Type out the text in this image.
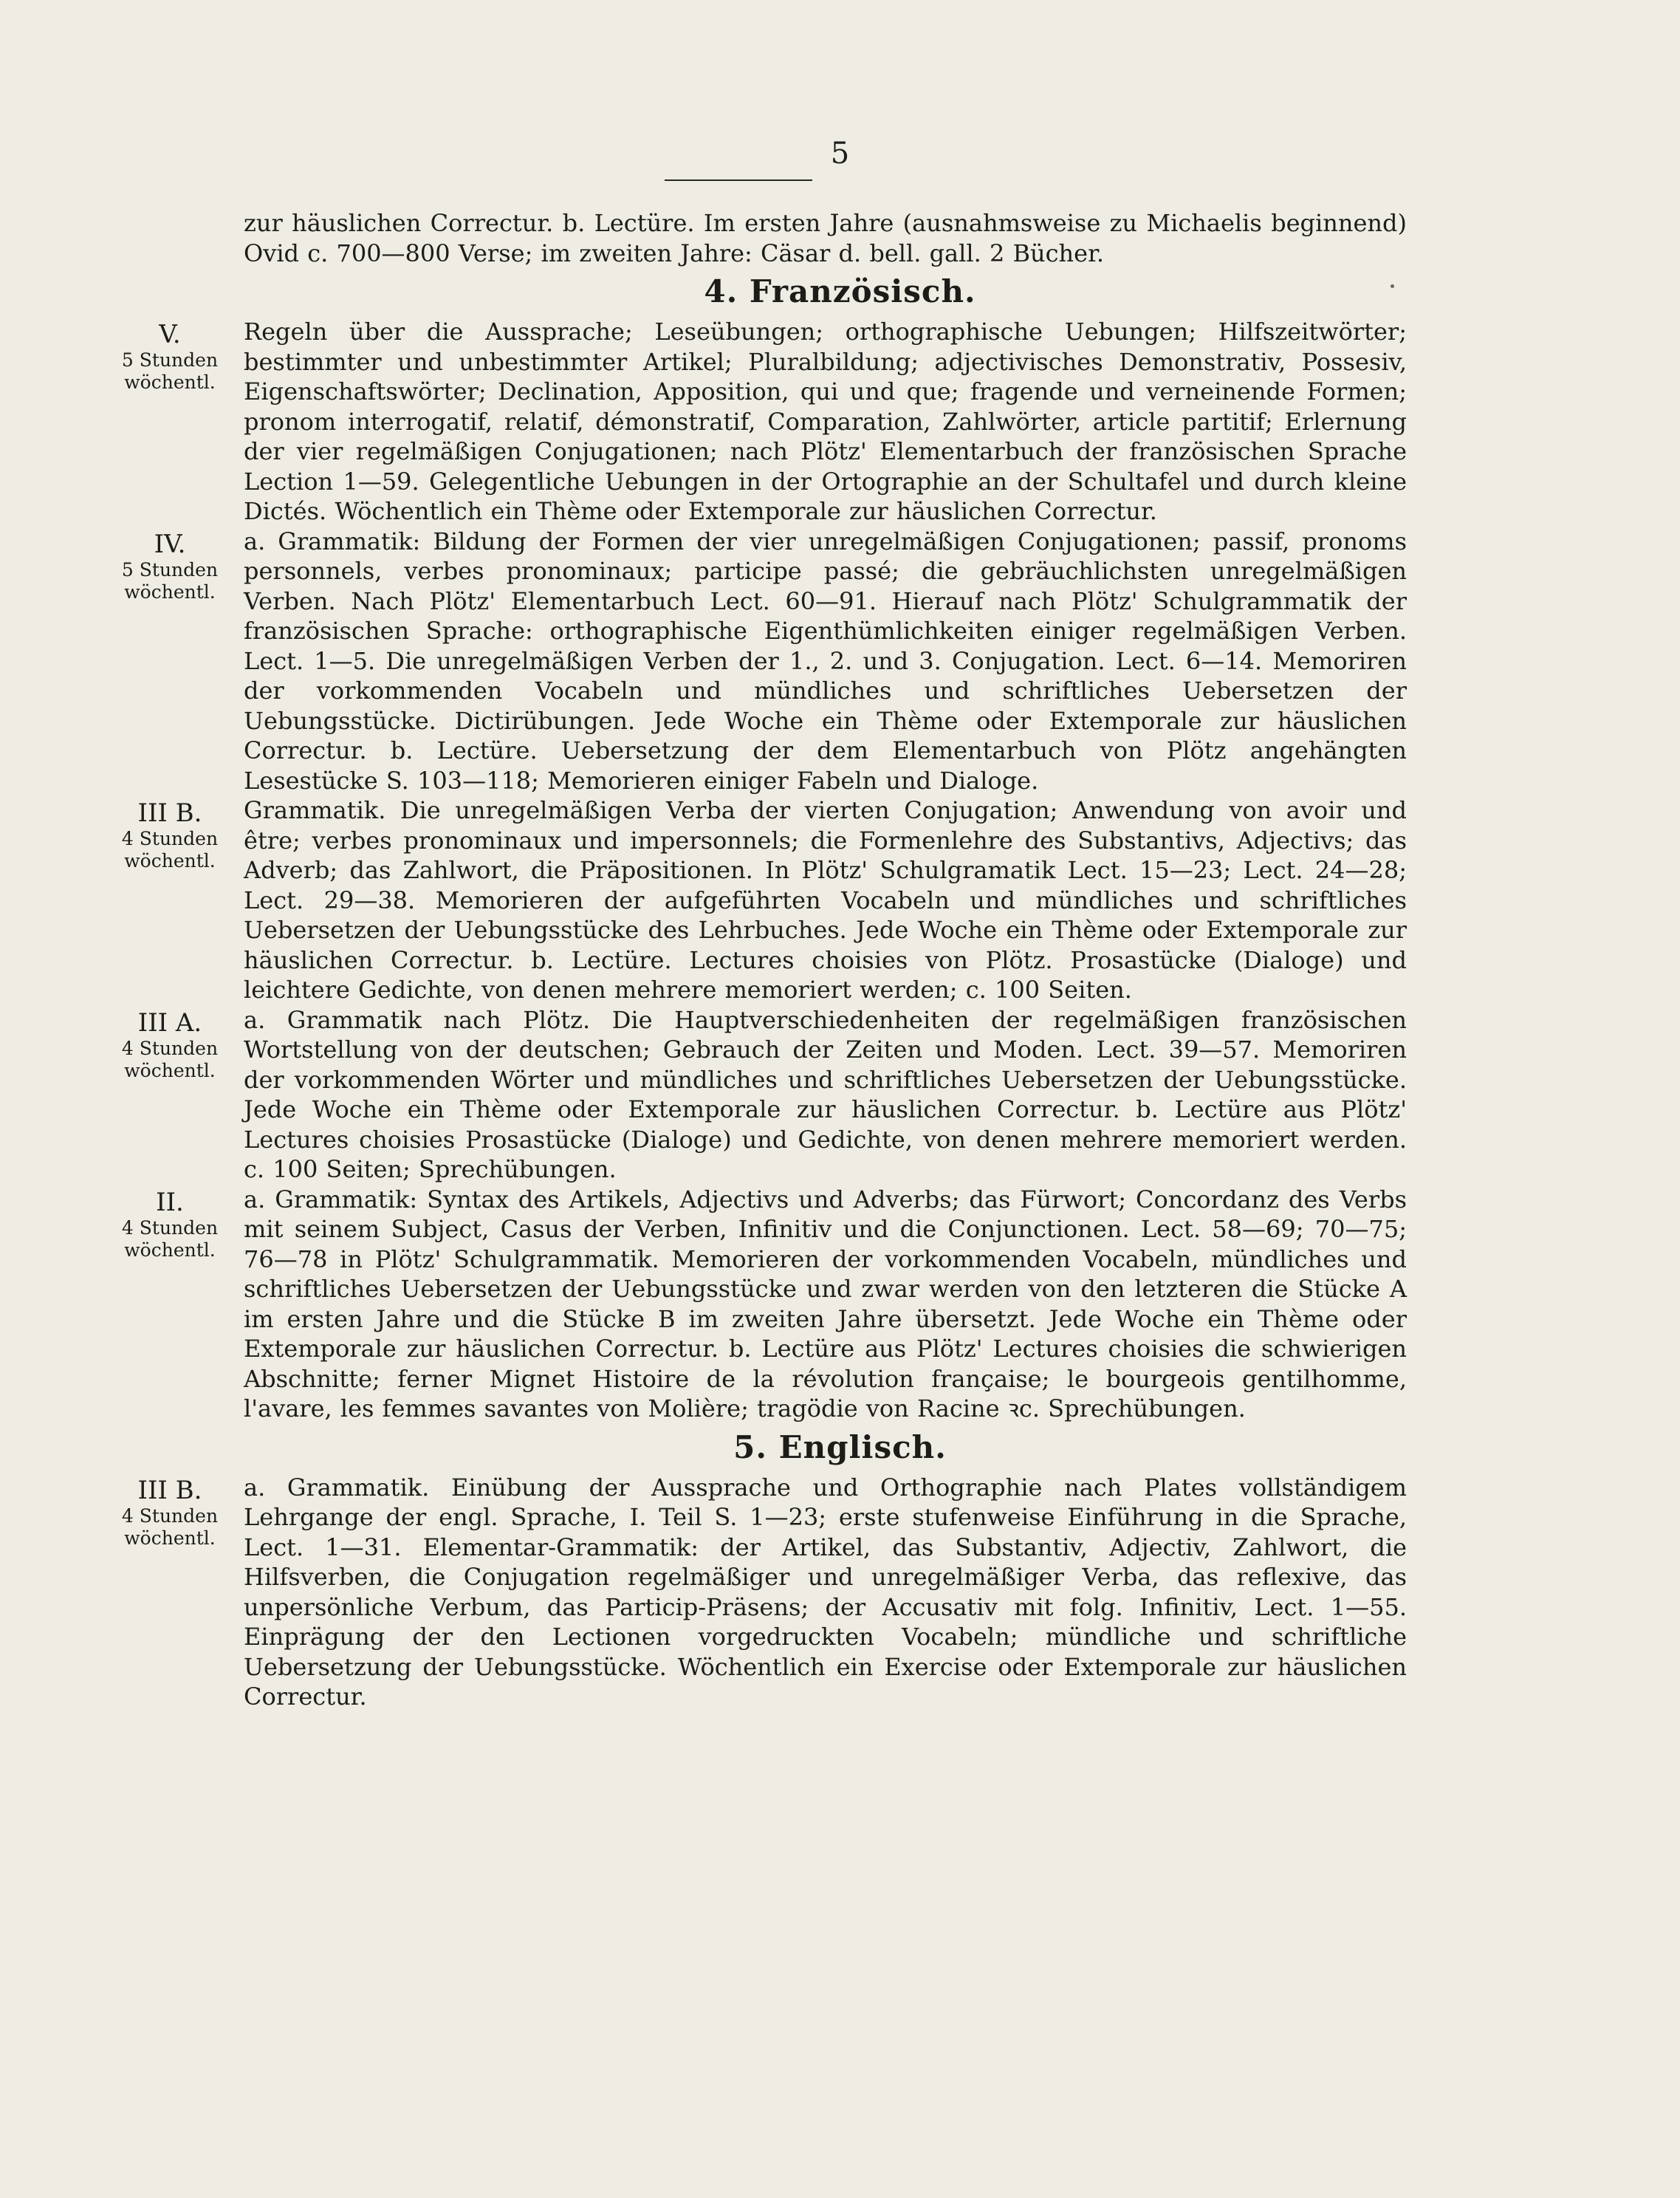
5
zur häuslichen Correctur. b. Lectüre. Im ersten Jahre (ausnahmsweise zu Michaelis beginnend) Ovid c. 700—800 Verse; im zweiten Jahre: Cäsar d. bell. gall. 2 Bücher.
4. Französisch.
V.
5 Stunden wöchentl.
Regeln über die Aussprache; Leseübungen; orthographische Uebungen; Hilfszeitwörter; bestimmter und unbestimmter Artikel; Pluralbildung; adjectivisches Demonstrativ, Possesiv, Eigenschaftswörter; Declination, Apposition, qui und que; fragende und verneinende Formen; pronom interrogatif, relatif, démonstratif, Comparation, Zahlwörter, article partitif; Erlernung der vier regelmäßigen Conjugationen; nach Plötz' Elementarbuch der französischen Sprache Lection 1—59. Gelegentliche Uebungen in der Ortographie an der Schultafel und durch kleine Dictés. Wöchentlich ein Thème oder Extemporale zur häuslichen Correctur.
IV.
5 Stunden wöchentl.
a. Grammatik: Bildung der Formen der vier unregelmäßigen Conjugationen; passif, pronoms personnels, verbes pronominaux; participe passé; die gebräuchlichsten unregelmäßigen Verben. Nach Plötz' Elementarbuch Lect. 60—91. Hierauf nach Plötz' Schulgrammatik der französischen Sprache: orthographische Eigenthümlichkeiten einiger regelmäßigen Verben. Lect. 1—5. Die unregelmäßigen Verben der 1., 2. und 3. Conjugation. Lect. 6—14. Memoriren der vorkommenden Vocabeln und mündliches und schriftliches Uebersetzen der Uebungsstücke. Dictirübungen. Jede Woche ein Thème oder Extemporale zur häuslichen Correctur. b. Lectüre. Uebersetzung der dem Elementarbuch von Plötz angehängten Lesestücke S. 103—118; Memorieren einiger Fabeln und Dialoge.
III B.
4 Stunden wöchentl.
Grammatik. Die unregelmäßigen Verba der vierten Conjugation; Anwendung von avoir und être; verbes pronominaux und impersonnels; die Formenlehre des Substantivs, Adjectivs; das Adverb; das Zahlwort, die Präpositionen. In Plötz' Schulgramatik Lect. 15—23; Lect. 24—28; Lect. 29—38. Memorieren der aufgeführten Vocabeln und mündliches und schriftliches Uebersetzen der Uebungsstücke des Lehrbuches. Jede Woche ein Thème oder Extemporale zur häuslichen Correctur. b. Lectüre. Lectures choisies von Plötz. Prosastücke (Dialoge) und leichtere Gedichte, von denen mehrere memoriert werden; c. 100 Seiten.
III A.
4 Stunden wöchentl.
a. Grammatik nach Plötz. Die Hauptverschiedenheiten der regelmäßigen französischen Wortstellung von der deutschen; Gebrauch der Zeiten und Moden. Lect. 39—57. Memoriren der vorkommenden Wörter und mündliches und schriftliches Uebersetzen der Uebungsstücke. Jede Woche ein Thème oder Extemporale zur häuslichen Correctur. b. Lectüre aus Plötz' Lectures choisies Prosastücke (Dialoge) und Gedichte, von denen mehrere memoriert werden. c. 100 Seiten; Sprechübungen.
II.
4 Stunden wöchentl.
a. Grammatik: Syntax des Artikels, Adjectivs und Adverbs; das Fürwort; Concordanz des Verbs mit seinem Subject, Casus der Verben, Infinitiv und die Conjunctionen. Lect. 58—69; 70—75; 76—78 in Plötz' Schulgrammatik. Memorieren der vorkommenden Vocabeln, mündliches und schriftliches Uebersetzen der Uebungsstücke und zwar werden von den letzteren die Stücke A im ersten Jahre und die Stücke B im zweiten Jahre übersetzt. Jede Woche ein Thème oder Extemporale zur häuslichen Correctur. b. Lectüre aus Plötz' Lectures choisies die schwierigen Abschnitte; ferner Mignet Histoire de la révolution française; le bourgeois gentilhomme, l'avare, les femmes savantes von Molière; tragödie von Racine ꝛc. Sprechübungen.
5. Englisch.
III B.
4 Stunden wöchentl.
a. Grammatik. Einübung der Aussprache und Orthographie nach Plates vollständigem Lehrgange der engl. Sprache, I. Teil S. 1—23; erste stufenweise Einführung in die Sprache, Lect. 1—31. Elementar-Grammatik: der Artikel, das Substantiv, Adjectiv, Zahlwort, die Hilfsverben, die Conjugation regelmäßiger und unregelmäßiger Verba, das reflexive, das unpersönliche Verbum, das Particip-Präsens; der Accusativ mit folg. Infinitiv, Lect. 1—55. Einprägung der den Lectionen vorgedruckten Vocabeln; mündliche und schriftliche Uebersetzung der Uebungsstücke. Wöchentlich ein Exercise oder Extemporale zur häuslichen Correctur.
